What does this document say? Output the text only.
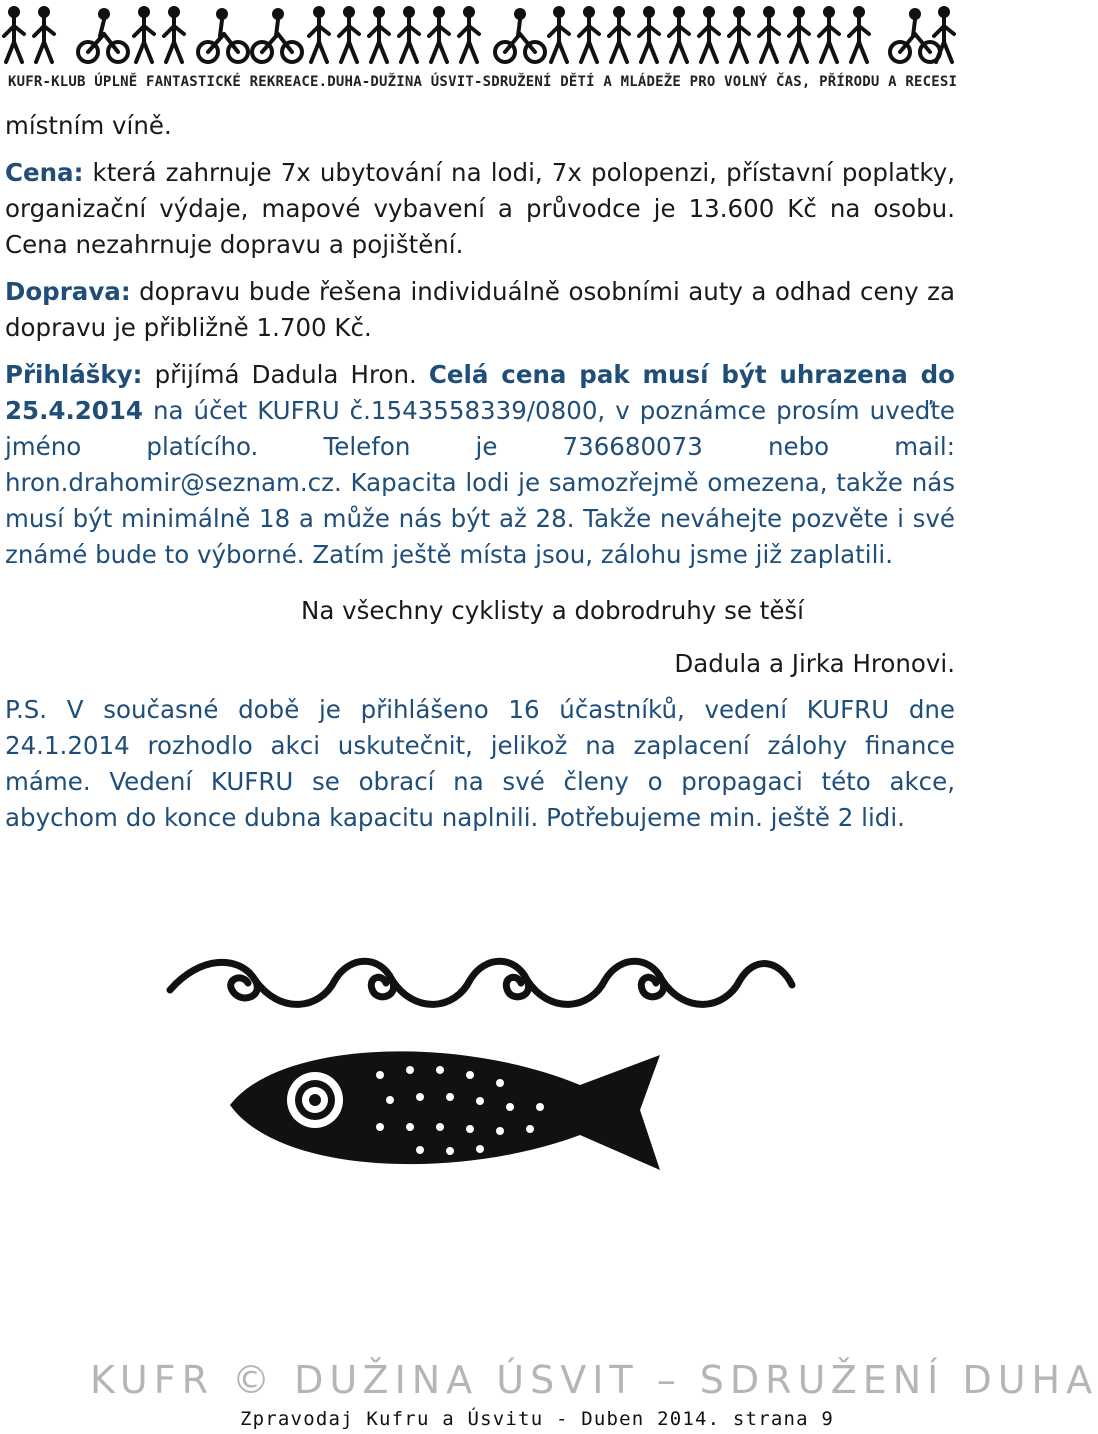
KUFR-KLUB ÚPLNĚ FANTASTICKÉ REKREACE.DUHA-DUŽINA ÚSVIT-SDRUŽENÍ DĚTÍ A MLÁDEŽE PRO VOLNÝ ČAS, PŘÍRODU A RECESI

místním víně.

Cena: která zahrnuje 7x ubytování na lodi, 7x polopenzi, přístavní poplatky, organizační výdaje, mapové vybavení a průvodce je 13.600 Kč na osobu. Cena nezahrnuje dopravu a pojištění.

Doprava: dopravu bude řešena individuálně osobními auty a odhad ceny za dopravu je přibližně 1.700 Kč.

Přihlášky: přijímá Dadula Hron. Celá cena pak musí být uhrazena do 25.4.2014 na účet KUFRU č.1543558339/0800, v poznámce prosím uveďte jméno platícího. Telefon je 736680073 nebo mail: hron.drahomir@seznam.cz. Kapacita lodi je samozřejmě omezena, takže nás musí být minimálně 18 a může nás být až 28. Takže neváhejte pozvěte i své známé bude to výborné. Zatím ještě místa jsou, zálohu jsme již zaplatili.

Na všechny cyklisty a dobrodruhy se těší

Dadula a Jirka Hronovi.

P.S. V současné době je přihlášeno 16 účastníků, vedení KUFRU dne 24.1.2014 rozhodlo akci uskutečnit, jelikož na zaplacení zálohy finance máme. Vedení KUFRU se obrací na své členy o propagaci této akce, abychom do konce dubna kapacitu naplnili. Potřebujeme min. ještě 2 lidi.

KUFR © DUŽINA ÚSVIT – SDRUŽENÍ DUHA
Zpravodaj Kufru a Úsvitu - Duben 2014. strana 9
